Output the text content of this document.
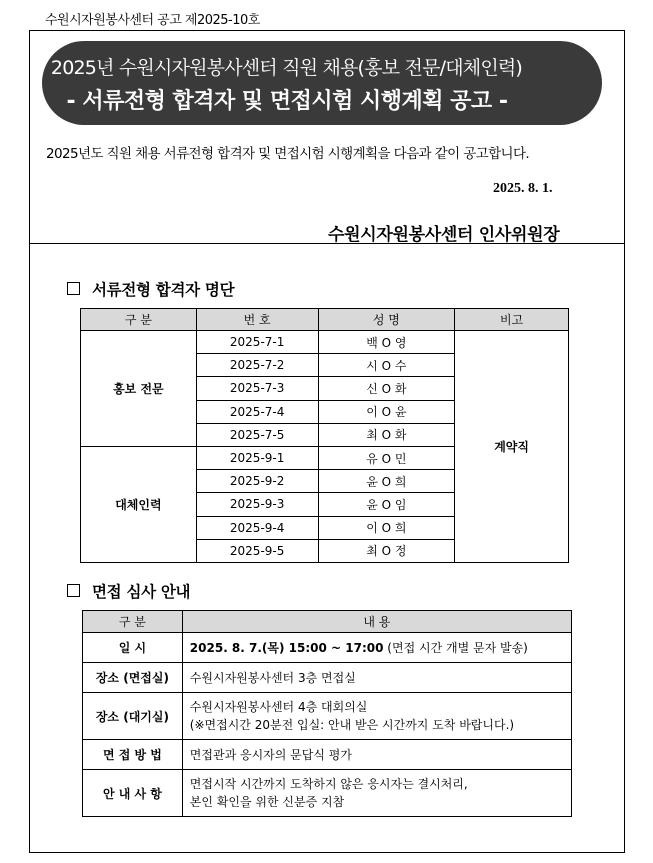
수원시자원봉사센터 공고 제2025-10호
2025년 수원시자원봉사센터 직원 채용(홍보 전문/대체인력)
- 서류전형 합격자 및 면접시험 시행계획 공고 -
2025년도 직원 채용 서류전형 합격자 및 면접시험 시행계획을 다음과 같이 공고합니다.
2025. 8. 1.
수원시자원봉사센터 인사위원장
서류전형 합격자 명단
구 분	번 호	성 명	비고
홍보 전문	2025-7-1	백 O 영	계약직
	2025-7-2	시 O 수	
	2025-7-3	신 O 화	
	2025-7-4	이 O 윤	
	2025-7-5	최 O 화	
대체인력	2025-9-1	유 O 민	
	2025-9-2	윤 O 희	
	2025-9-3	윤 O 임	
	2025-9-4	이 O 희	
	2025-9-5	최 O 정	
면접 심사 안내
구 분	내 용
일 시	2025. 8. 7.(목) 15:00 ~ 17:00 (면접 시간 개별 문자 발송)
장소 (면접실)	수원시자원봉사센터 3층 면접실
장소 (대기실)	수원시자원봉사센터 4층 대회의실
(※면접시간 20분전 입실: 안내 받은 시간까지 도착 바랍니다.)

면 접 방 법	면접관과 응시자의 문답식 평가
안 내 사 항	면접시작 시간까지 도착하지 않은 응시자는 결시처리,
본인 확인을 위한 신분증 지참
